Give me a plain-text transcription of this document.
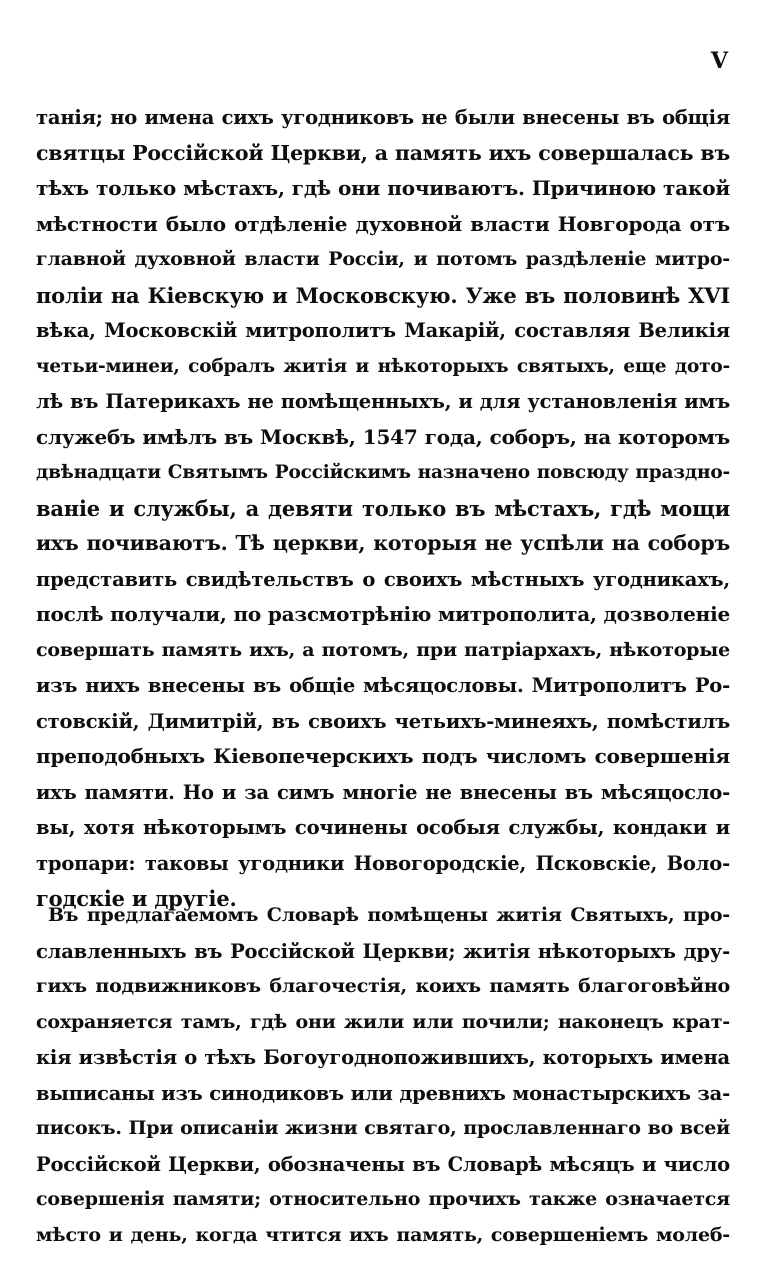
V
танія; но имена сихъ угодниковъ не были внесены въ общія
святцы Россійской Церкви, а память ихъ совершалась въ
тѣхъ только мѣстахъ, гдѣ они почиваютъ. Причиною такой
мѣстности было отдѣленіе духовной власти Новгорода отъ
главной духовной власти Россіи, и потомъ раздѣленіе митро-
поліи на Кіевскую и Московскую. Уже въ половинѣ XVI
вѣка, Московскій митрополитъ Макарій, составляя Великія
четьи-минеи, собралъ житія и нѣкоторыхъ святыхъ, еще дото-
лѣ въ Патерикахъ не помѣщенныхъ, и для установленія имъ
служебъ имѣлъ въ Москвѣ, 1547 года, соборъ, на которомъ
двѣнадцати Святымъ Россійскимъ назначено повсюду праздно-
ваніе и службы, а девяти только въ мѣстахъ, гдѣ мощи
ихъ почиваютъ. Тѣ церкви, которыя не успѣли на соборъ
представить свидѣтельствъ о своихъ мѣстныхъ угодникахъ,
послѣ получали, по разсмотрѣнію митрополита, дозволеніе
совершать память ихъ, а потомъ, при патріархахъ, нѣкоторые
изъ нихъ внесены въ общіе мѣсяцословы. Митрополитъ Ро-
стовскій, Димитрій, въ своихъ четьихъ-минеяхъ, помѣстилъ
преподобныхъ Кіевопечерскихъ подъ числомъ совершенія
ихъ памяти. Но и за симъ многіе не внесены въ мѣсяцосло-
вы, хотя нѣкоторымъ сочинены особыя службы, кондаки и
тропари: таковы угодники Новогородскіе, Псковскіе, Воло-
годскіе и другіе.
Въ предлагаемомъ Словарѣ помѣщены житія Святыхъ, про-
славленныхъ въ Россійской Церкви; житія нѣкоторыхъ дру-
гихъ подвижниковъ благочестія, коихъ память благоговѣйно
сохраняется тамъ, гдѣ они жили или почили; наконецъ крат-
кія извѣстія о тѣхъ Богоугоднопожившихъ, которыхъ имена
выписаны изъ синодиковъ или древнихъ монастырскихъ за-
писокъ. При описаніи жизни святаго, прославленнаго во всей
Россійской Церкви, обозначены въ Словарѣ мѣсяцъ и число
совершенія памяти; относительно прочихъ также означается
мѣсто и день, когда чтится ихъ память, совершеніемъ молеб-
